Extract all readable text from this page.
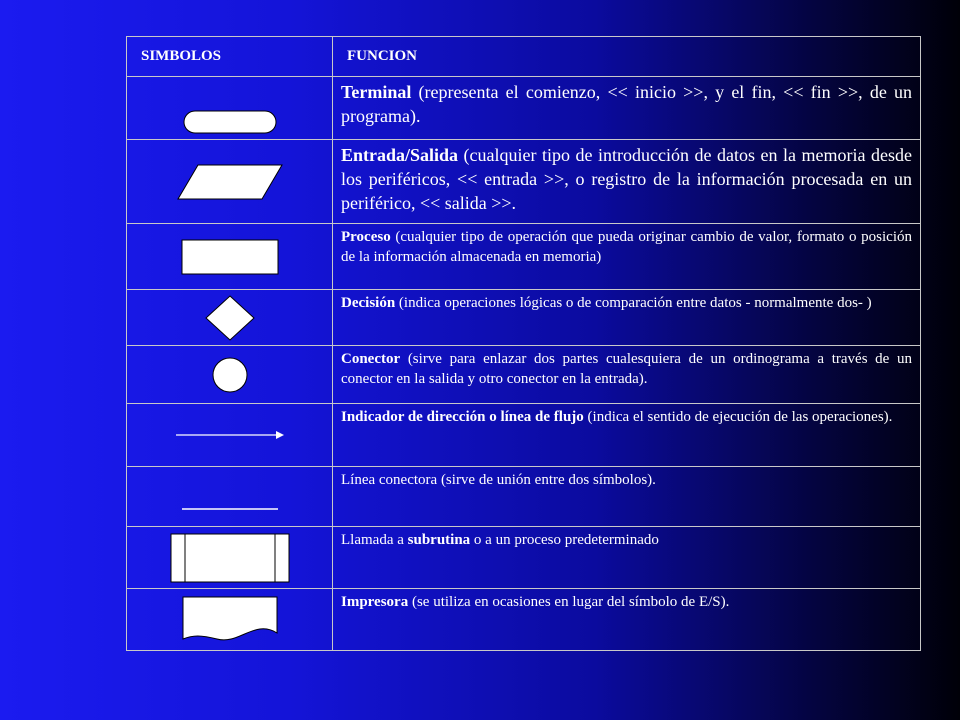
SIMBOLOS	FUNCION

	Terminal (representa el comienzo, << inicio >>, y el fin, << fin >>, de un programa).

	Entrada/Salida (cualquier tipo de introducción de datos en la memoria desde los periféricos, << entrada >>, o registro de la información procesada en un periférico, << salida >>.

	Proceso (cualquier tipo de operación que pueda originar cambio de valor, formato o posición de la información almacenada en memoria)

	Decisión (indica operaciones lógicas o de comparación entre datos - normalmente dos- )

	Conector (sirve para enlazar dos partes cualesquiera de un ordinograma a través de un conector en la salida y otro conector en la entrada).

	Indicador de dirección o línea de flujo (indica el sentido de ejecución de las operaciones).

	Línea conectora (sirve de unión entre dos símbolos).

	Llamada a subrutina o a un proceso predeterminado

	Impresora (se utiliza en ocasiones en lugar del símbolo de E/S).
